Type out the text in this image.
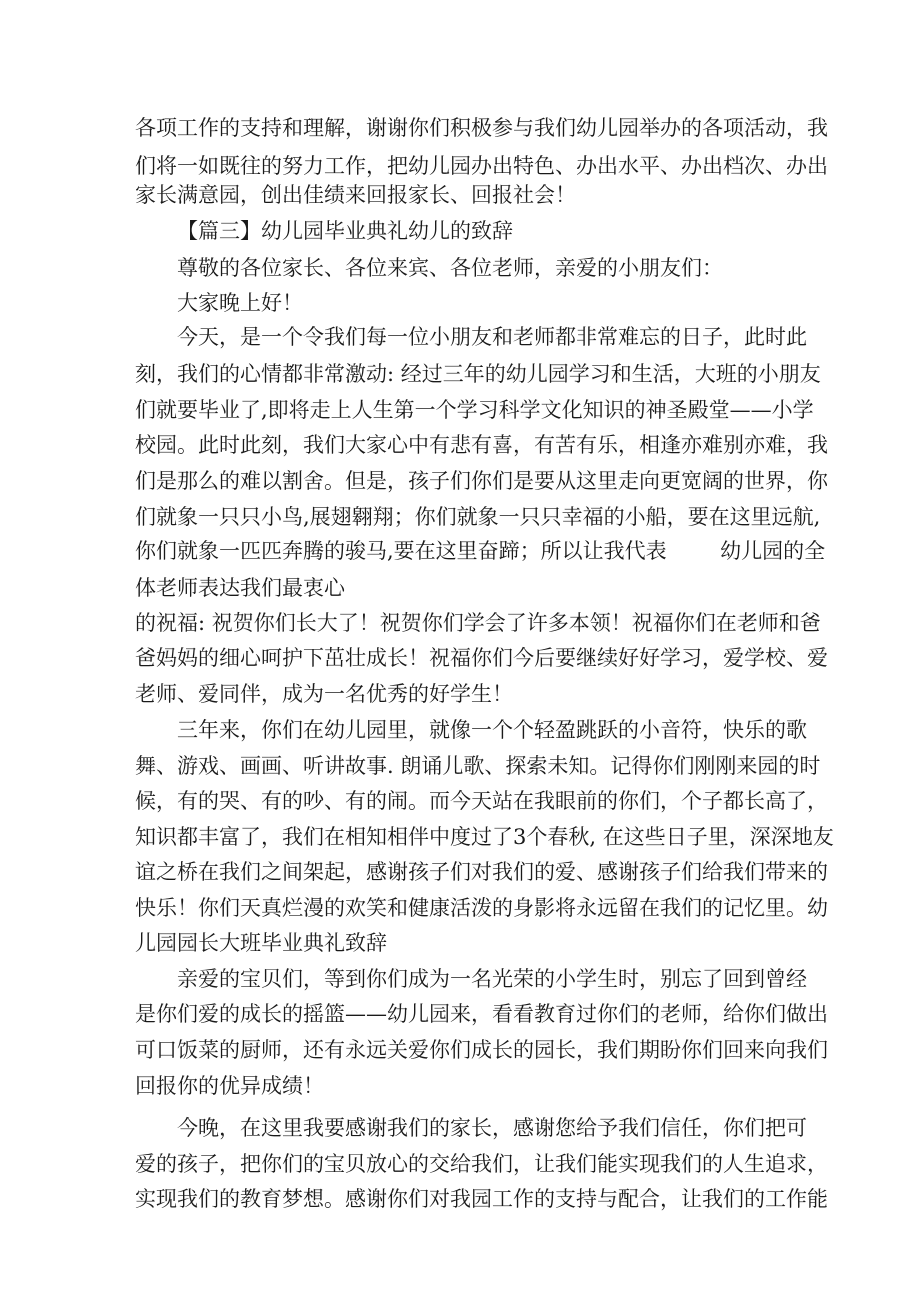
各项工作的支持和理解，谢谢你们积极参与我们幼儿园举办的各项活动，我
们将一如既往的努力工作，把幼儿园办出特色、办出水平、办出档次、办出
家长满意园，创出佳绩来回报家长、回报社会！
【篇三】幼儿园毕业典礼幼儿的致辞
尊敬的各位家长、各位来宾、各位老师，亲爱的小朋友们：
大家晚上好！
今天，是一个令我们每一位小朋友和老师都非常难忘的日子，此时此
刻，我们的心情都非常激动: 经过三年的幼儿园学习和生活，大班的小朋友
们就要毕业了,即将走上人生第一个学习科学文化知识的神圣殿堂——小学
校园。此时此刻，我们大家心中有悲有喜，有苦有乐，相逢亦难别亦难，我
们是那么的难以割舍。但是，孩子们你们是要从这里走向更宽阔的世界，你
们就象一只只小鸟,展翅翱翔；你们就象一只只幸福的小船，要在这里远航,
你们就象一匹匹奔腾的骏马,要在这里奋蹄；所以让我代表        幼儿园的全
体老师表达我们最衷心
的祝福: 祝贺你们长大了！祝贺你们学会了许多本领！祝福你们在老师和爸
爸妈妈的细心呵护下茁壮成长！祝福你们今后要继续好好学习，爱学校、爱
老师、爱同伴，成为一名优秀的好学生！
三年来，你们在幼儿园里，就像一个个轻盈跳跃的小音符，快乐的歌
舞、游戏、画画、听讲故事. 朗诵儿歌、探索未知。记得你们刚刚来园的时
候，有的哭、有的吵、有的闹。而今天站在我眼前的你们，个子都长高了，
知识都丰富了，我们在相知相伴中度过了3个春秋, 在这些日子里，深深地友
谊之桥在我们之间架起，感谢孩子们对我们的爱、感谢孩子们给我们带来的
快乐！你们天真烂漫的欢笑和健康活泼的身影将永远留在我们的记忆里。幼
儿园园长大班毕业典礼致辞
亲爱的宝贝们，等到你们成为一名光荣的小学生时，别忘了回到曾经
是你们爱的成长的摇篮——幼儿园来，看看教育过你们的老师，给你们做出
可口饭菜的厨师，还有永远关爱你们成长的园长，我们期盼你们回来向我们
回报你的优异成绩！
今晚，在这里我要感谢我们的家长，感谢您给予我们信任，你们把可
爱的孩子，把你们的宝贝放心的交给我们，让我们能实现我们的人生追求，
实现我们的教育梦想。感谢你们对我园工作的支持与配合，让我们的工作能
